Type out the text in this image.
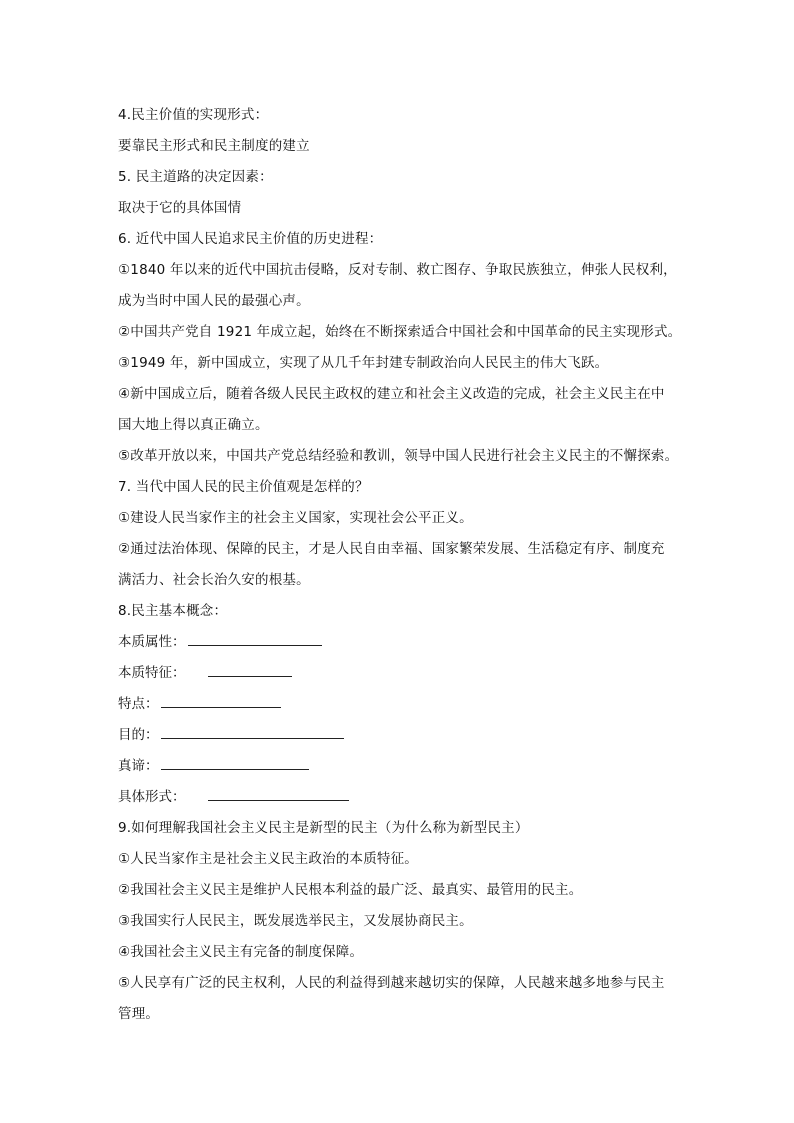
4.民主价值的实现形式：
要靠民主形式和民主制度的建立
5. 民主道路的决定因素：
取决于它的具体国情
6. 近代中国人民追求民主价值的历史进程：
①1840 年以来的近代中国抗击侵略，反对专制、救亡图存、争取民族独立，伸张人民权利，
成为当时中国人民的最强心声。
②中国共产党自 1921 年成立起，始终在不断探索适合中国社会和中国革命的民主实现形式。
③1949 年，新中国成立，实现了从几千年封建专制政治向人民民主的伟大飞跃。
④新中国成立后，随着各级人民民主政权的建立和社会主义改造的完成，社会主义民主在中
国大地上得以真正确立。
⑤改革开放以来，中国共产党总结经验和教训，领导中国人民进行社会主义民主的不懈探索。
7. 当代中国人民的民主价值观是怎样的？
①建设人民当家作主的社会主义国家，实现社会公平正义。
②通过法治体现、保障的民主，才是人民自由幸福、国家繁荣发展、生活稳定有序、制度充
满活力、社会长治久安的根基。
8.民主基本概念：
本质属性：
本质特征：
特点：
目的：
真谛：
具体形式：
9.如何理解我国社会主义民主是新型的民主（为什么称为新型民主）
①人民当家作主是社会主义民主政治的本质特征。
②我国社会主义民主是维护人民根本利益的最广泛、最真实、最管用的民主。
③我国实行人民民主，既发展选举民主，又发展协商民主。
④我国社会主义民主有完备的制度保障。
⑤人民享有广泛的民主权利，人民的利益得到越来越切实的保障，人民越来越多地参与民主
管理。
